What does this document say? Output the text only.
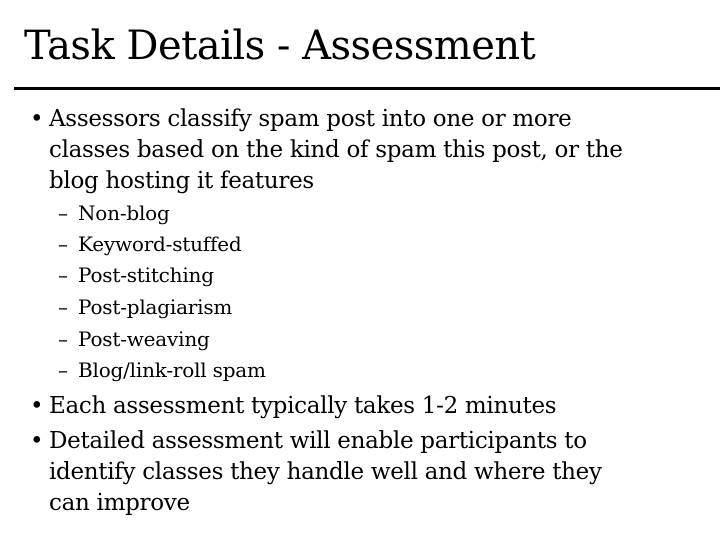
Task Details - Assessment
• Assessors classify spam post into one or more
classes based on the kind of spam this post, or the
blog hosting it features
– Non-blog
– Keyword-stuffed
– Post-stitching
– Post-plagiarism
– Post-weaving
– Blog/link-roll spam
• Each assessment typically takes 1-2 minutes
• Detailed assessment will enable participants to
identify classes they handle well and where they
can improve
